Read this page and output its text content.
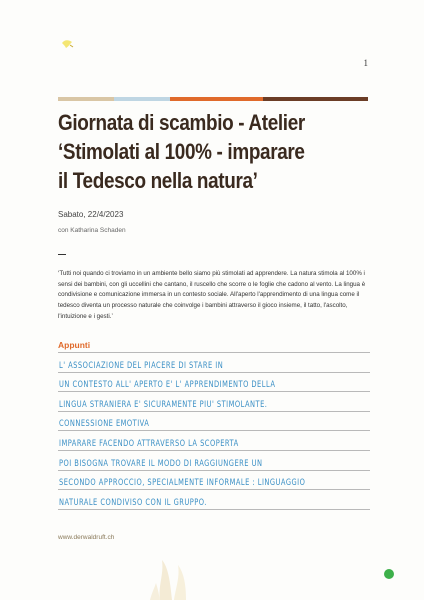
1
Giornata di scambio - Atelier
‘Stimolati al 100% - imparare
il Tedesco nella natura’
Sabato, 22/4/2023
con Katharina Schaden

‘Tutti noi quando ci troviamo in un ambiente bello siamo più stimolati ad apprendere. La natura stimola al 100% i sensi dei bambini, con gli uccellini che cantano, il ruscello che scorre o le foglie che cadono al vento. La lingua è condivisione e comunicazione immersa in un contesto sociale. All'aperto l'apprendimento di una lingua come il tedesco diventa un processo naturale che coinvolge i bambini attraverso il gioco insieme, il tatto, l'ascolto, l'intuizione e i gesti.’

Appunti
L' ASSOCIAZIONE DEL PIACERE DI STARE IN
UN CONTESTO ALL' APERTO E' L' APPRENDIMENTO DELLA
LINGUA STRANIERA E' SICURAMENTE PIU' STIMOLANTE.
CONNESSIONE EMOTIVA
IMPARARE FACENDO ATTRAVERSO LA SCOPERTA
POI BISOGNA TROVARE IL MODO DI RAGGIUNGERE UN
SECONDO APPROCCIO, SPECIALMENTE INFORMALE : LINGUAGGIO
NATURALE CONDIVISO CON IL GRUPPO.
www.derwaldruft.ch
